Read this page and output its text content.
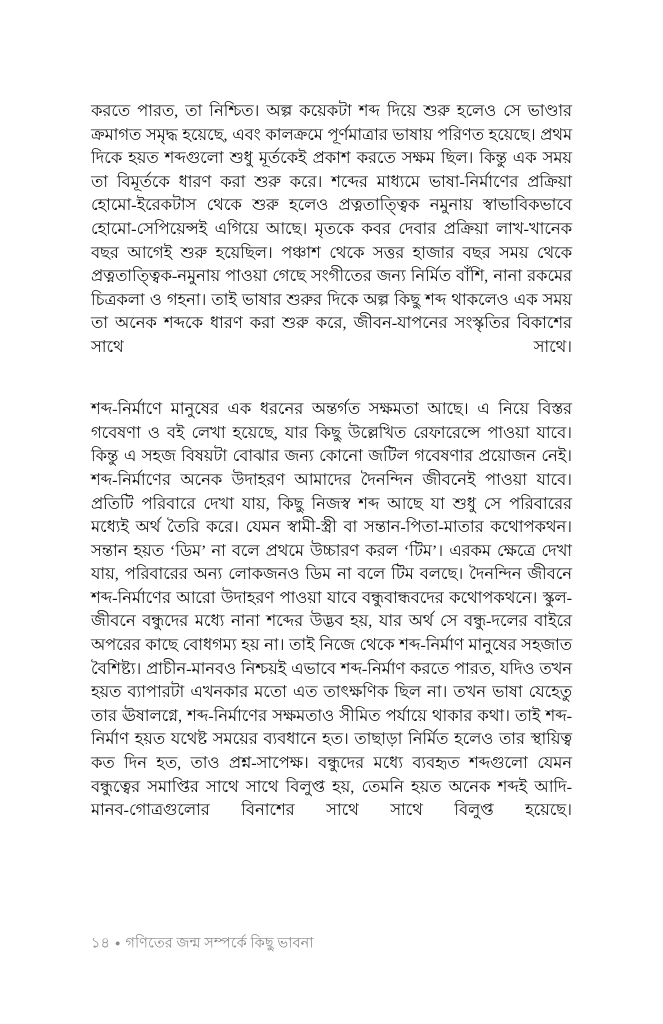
করতে পারত, তা নিশ্চিত। অল্প কয়েকটা শব্দ দিয়ে শুরু হলেও সে ভাণ্ডার ক্রমাগত সমৃদ্ধ হয়েছে, এবং কালক্রমে পূর্ণমাত্রার ভাষায় পরিণত হয়েছে। প্রথম দিকে হয়ত শব্দগুলো শুধু মূর্তকেই প্রকাশ করতে সক্ষম ছিল। কিন্তু এক সময় তা বিমূর্তকে ধারণ করা শুরু করে। শব্দের মাধ্যমে ভাষা-নির্মাণের প্রক্রিয়া হোমো-ইরেকটাস থেকে শুরু হলেও প্রত্নতাত্ত্বিক নমুনায় স্বাভাবিকভাবে হোমো-সেপিয়েন্সই এগিয়ে আছে। মৃতকে কবর দেবার প্রক্রিয়া লাখ-খানেক বছর আগেই শুরু হয়েছিল। পঞ্চাশ থেকে সত্তর হাজার বছর সময় থেকে প্রত্নতাত্ত্বিক-নমুনায় পাওয়া গেছে সংগীতের জন্য নির্মিত বাঁশি, নানা রকমের চিত্রকলা ও গহনা। তাই ভাষার শুরুর দিকে অল্প কিছু শব্দ থাকলেও এক সময় তা অনেক শব্দকে ধারণ করা শুরু করে, জীবন-যাপনের সংস্কৃতির বিকাশের সাথে সাথে।

শব্দ-নির্মাণে মানুষের এক ধরনের অন্তর্গত সক্ষমতা আছে। এ নিয়ে বিস্তর গবেষণা ও বই লেখা হয়েছে, যার কিছু উল্লেখিত রেফারেন্সে পাওয়া যাবে। কিন্তু এ সহজ বিষয়টা বোঝার জন্য কোনো জটিল গবেষণার প্রয়োজন নেই। শব্দ-নির্মাণের অনেক উদাহরণ আমাদের দৈনন্দিন জীবনেই পাওয়া যাবে। প্রতিটি পরিবারে দেখা যায়, কিছু নিজস্ব শব্দ আছে যা শুধু সে পরিবারের মধ্যেই অর্থ তৈরি করে। যেমন স্বামী-স্ত্রী বা সন্তান-পিতা-মাতার কথোপকথন। সন্তান হয়ত ‘ডিম’ না বলে প্রথমে উচ্চারণ করল ‘টিম’। এরকম ক্ষেত্রে দেখা যায়, পরিবারের অন্য লোকজনও ডিম না বলে টিম বলছে। দৈনন্দিন জীবনে শব্দ-নির্মাণের আরো উদাহরণ পাওয়া যাবে বন্ধুবান্ধবদের কথোপকথনে। স্কুল-জীবনে বন্ধুদের মধ্যে নানা শব্দের উদ্ভব হয়, যার অর্থ সে বন্ধু-দলের বাইরে অপরের কাছে বোধগম্য হয় না। তাই নিজে থেকে শব্দ-নির্মাণ মানুষের সহজাত বৈশিষ্ট্য। প্রাচীন-মানবও নিশ্চয়ই এভাবে শব্দ-নির্মাণ করতে পারত, যদিও তখন হয়ত ব্যাপারটা এখনকার মতো এত তাৎক্ষণিক ছিল না। তখন ভাষা যেহেতু তার ঊষালগ্নে, শব্দ-নির্মাণের সক্ষমতাও সীমিত পর্যায়ে থাকার কথা। তাই শব্দ-নির্মাণ হয়ত যথেষ্ট সময়ের ব্যবধানে হত। তাছাড়া নির্মিত হলেও তার স্থায়িত্ব কত দিন হত, তাও প্রশ্ন-সাপেক্ষ। বন্ধুদের মধ্যে ব্যবহৃত শব্দগুলো যেমন বন্ধুত্বের সমাপ্তির সাথে সাথে বিলুপ্ত হয়, তেমনি হয়ত অনেক শব্দই আদি-মানব-গোত্রগুলোর বিনাশের সাথে সাথে বিলুপ্ত হয়েছে।

১৪ ● গণিতের জন্ম সম্পর্কে কিছু ভাবনা
